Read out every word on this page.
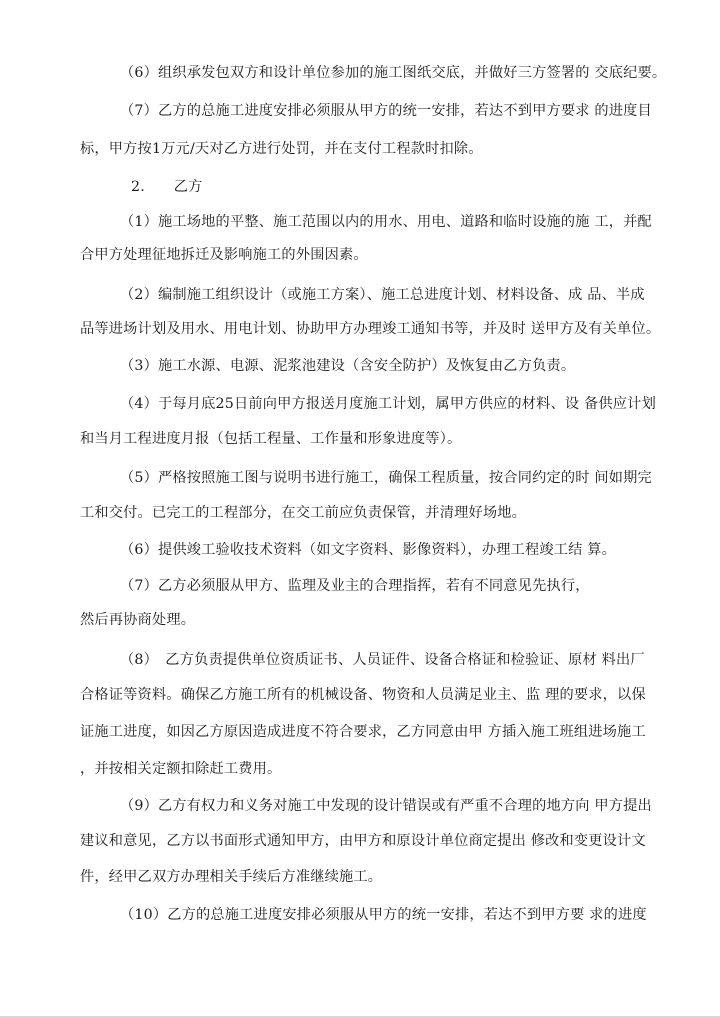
（6）组织承发包双方和设计单位参加的施工图纸交底，并做好三方签署的 交底纪要。
（7）乙方的总施工进度安排必须服从甲方的统一安排，若达不到甲方要求 的进度目
标，甲方按1万元/天对乙方进行处罚，并在支付工程款时扣除。
2.　　乙方
（1）施工场地的平整、施工范围以内的用水、用电、道路和临时设施的施 工，并配
合甲方处理征地拆迁及影响施工的外围因素。
（2）编制施工组织设计（或施工方案）、施工总进度计划、材料设备、成 品、半成
品等进场计划及用水、用电计划、协助甲方办理竣工通知书等，并及时 送甲方及有关单位。
（3）施工水源、电源、泥浆池建设（含安全防护）及恢复由乙方负责。
（4）于每月底25日前向甲方报送月度施工计划，属甲方供应的材料、设 备供应计划
和当月工程进度月报（包括工程量、工作量和形象进度等）。
（5）严格按照施工图与说明书进行施工，确保工程质量，按合同约定的时 间如期完
工和交付。已完工的工程部分，在交工前应负责保管，并清理好场地。
（6）提供竣工验收技术资料（如文字资料、影像资料），办理工程竣工结 算。
（7）乙方必须服从甲方、监理及业主的合理指挥，若有不同意见先执行，
然后再协商处理。
（8）　乙方负责提供单位资质证书、人员证件、设备合格证和检验证、原材 料出厂
合格证等资料。确保乙方施工所有的机械设备、物资和人员满足业主、监 理的要求，以保
证施工进度，如因乙方原因造成进度不符合要求，乙方同意由甲 方插入施工班组进场施工
，并按相关定额扣除赶工费用。
（9）乙方有权力和义务对施工中发现的设计错误或有严重不合理的地方向 甲方提出
建议和意见，乙方以书面形式通知甲方，由甲方和原设计单位商定提出 修改和变更设计文
件，经甲乙双方办理相关手续后方准继续施工。
（10）乙方的总施工进度安排必须服从甲方的统一安排，若达不到甲方要 求的进度
